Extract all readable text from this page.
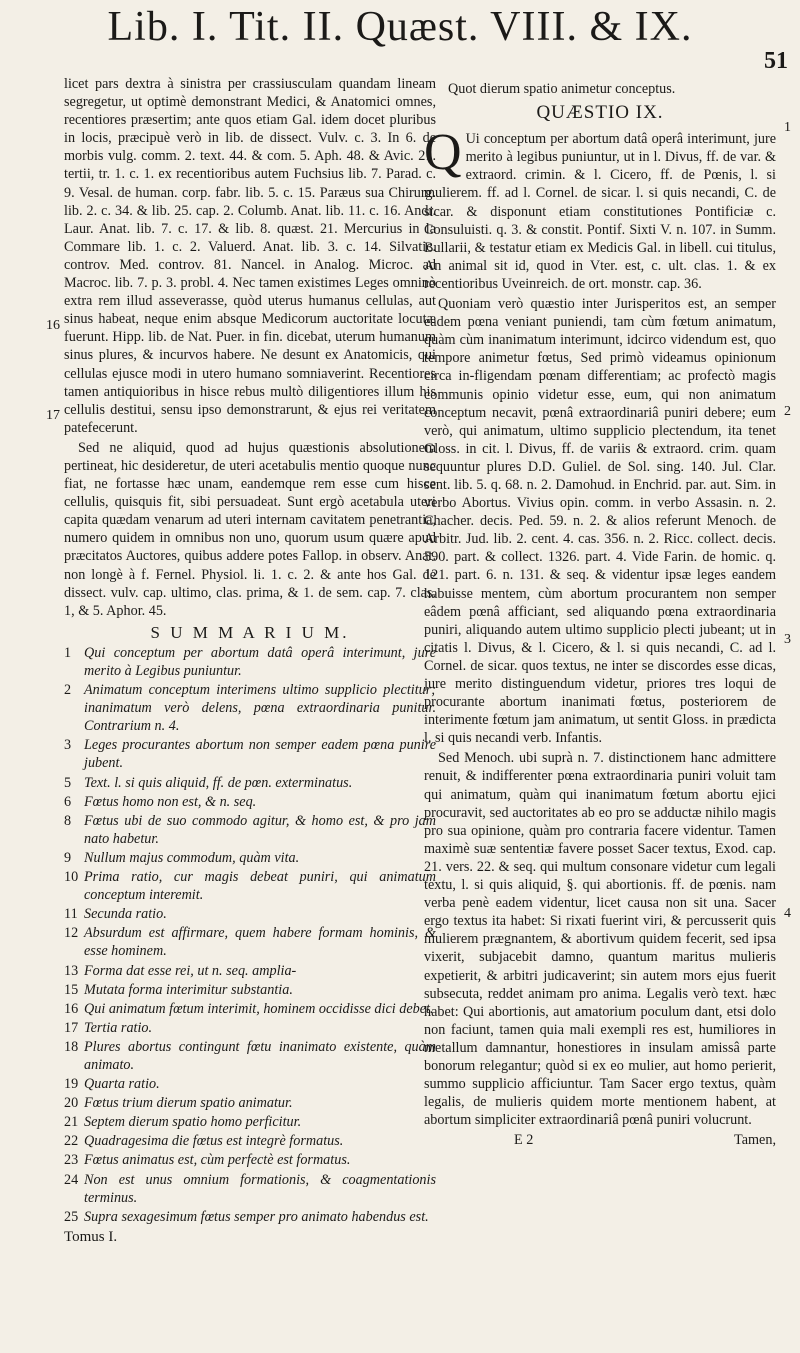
Lib. I. Tit. II. Quæst. VIII. & IX.
51

licet pars dextra à sinistra per crassiusculam quandam lineam segregetur, ut optimè demonstrant Medici, & Anatomici omnes, recentiores præsertim; ante quos etiam Gal. idem docet pluribus in locis, præcipuè verò in lib. de dissect. Vulv. c. 3. In 6. de morbis vulg. comm. 2. text. 44. & com. 5. Aph. 48. & Avic. 21. tertii, tr. 1. c. 1. ex recentioribus autem Fuchsius lib. 7. Parad. c. 9. Vesal. de human. corp. fabr. lib. 5. c. 15. Paræus sua Chirurg. lib. 2. c. 34. & lib. 25. cap. 2. Columb. Anat. lib. 11. c. 16. Andr. Laur. Anat. lib. 7. c. 17. & lib. 8. quæst. 21. Mercurius in la Commare lib. 1. c. 2. Valuerd. Anat. lib. 3. c. 14. Silvatic. controv. Med. controv. 81. Nancel. in Analog. Microc. ad Macroc. lib. 7. p. 3. probl. 4. Nec tamen existimes Leges omninò extra rem illud asseverasse, quòd uterus humanus cellulas, aut sinus habeat, neque enim absque Medicorum auctoritate locutæ fuerunt. Hipp. lib. de Nat. Puer. in fin. dicebat, uterum humanum sinus plures, & incurvos habere. Ne desunt ex Anatomicis, qui cellulas ejusce modi in utero humano somniaverint. Recentiores tamen antiquioribus in hisce rebus multò diligentiores illum his cellulis destitui, sensu ipso demonstrarunt, & ejus rei veritatem patefecerunt.

Sed ne aliquid, quod ad hujus quæstionis absolutionem pertineat, hic desideretur, de uteri acetabulis mentio quoque nunc fiat, ne fortasse hæc unam, eandemque rem esse cum hisce cellulis, quisquis fit, sibi persuadeat. Sunt ergò acetabula uteri capita quædam venarum ad uteri internam cavitatem penetrantia, numero quidem in omnibus non uno, quorum usum quære apud præcitatos Auctores, quibus addere potes Fallop. in observ. Anat. non longè à f. Fernel. Physiol. li. 1. c. 2. & ante hos Gal. de dissect. vulv. cap. ultimo, clas. prima, & 1. de sem. cap. 7. clas. 1, & 5. Aphor. 45.

S U M M A R I U M.
1 Qui conceptum per abortum datâ operâ interimunt, jure merito à Legibus puniuntur.
2 Animatum conceptum interimens ultimo supplicio plectitur; inanimatum verò delens, pœna extraordinaria punitur. Contrarium n. 4.
3 Leges procurantes abortum non semper eadem pœna punire jubent.
5 Text. l. si quis aliquid, ff. de pœn. exterminatus.
6 Fœtus homo non est, & n. seq.
8 Fœtus ubi de suo commodo agitur, & homo est, & pro jam nato habetur.
9 Nullum majus commodum, quàm vita.
10 Prima ratio, cur magis debeat puniri, qui animatum conceptum interemit.
11 Secunda ratio.
12 Absurdum est affirmare, quem habere formam hominis, & esse hominem.
13 Forma dat esse rei, ut n. seq. amplia-
15 Mutata forma interimitur substantia.
16 Qui animatum fœtum interimit, hominem occidisse dici debet.
17 Tertia ratio.
18 Plures abortus contingunt fœtu inanimato existente, quàm animato.
19 Quarta ratio.
20 Fœtus trium dierum spatio animatur.
21 Septem dierum spatio homo perficitur.
22 Quadragesima die fœtus est integrè formatus.
23 Fœtus animatus est, cùm perfectè est formatus.
24 Non est unus omnium formationis, & coagmentationis terminus.
25 Supra sexagesimum fœtus semper pro animato habendus est.
Tomus I.
16
17

Quot dierum spatio animetur conceptus.

QUÆSTIO IX.

Q Ui conceptum per abortum datâ operâ interimunt, jure merito à legibus puniuntur, ut in l. Divus, ff. de var. & extraord. crimin. & l. Cicero, ff. de Pœnis, l. si mulierem. ff. ad l. Cornel. de sicar. l. si quis necandi, C. de sicar. & disponunt etiam constitutiones Pontificiæ c. Consuluisti. q. 3. & constit. Pontif. Sixti V. n. 107. in Summ. Bullarii, & testatur etiam ex Medicis Gal. in libell. cui titulus, An animal sit id, quod in Vter. est, c. ult. clas. 1. & ex recentioribus Uveinreich. de ort. monstr. cap. 36.

Quoniam verò quæstio inter Jurisperitos est, an semper eadem pœna veniant puniendi, tam cùm fœtum animatum, quàm cùm inanimatum interimunt, idcirco videndum est, quo tempore animetur fœtus, Sed primò videamus opinionum circa in-fligendam pœnam differentiam; ac profectò magis communis opinio videtur esse, eum, qui non animatum conceptum necavit, pœnâ extraordinariâ puniri debere; eum verò, qui animatum, ultimo supplicio plectendum, ita tenet Gloss. in cit. l. Divus, ff. de variis & extraord. crim. quam sequuntur plures D.D. Guliel. de Sol. sing. 140. Jul. Clar. sent. lib. 5. q. 68. n. 2. Damohud. in Enchrid. par. aut. Sim. in verbo Abortus. Vivius opin. comm. in verbo Assasin. n. 2. Chacher. decis. Ped. 59. n. 2. & alios referunt Menoch. de Arbitr. Jud. lib. 2. cent. 4. cas. 356. n. 2. Ricc. collect. decis. 590. part. & collect. 1326. part. 4. Vide Farin. de homic. q. 121. part. 6. n. 131. & seq. & videntur ipsæ leges eandem habuisse mentem, cùm abortum procurantem non semper eâdem pœnâ afficiant, sed aliquando pœna extraordinaria puniri, aliquando autem ultimo supplicio plecti jubeant; ut in citatis l. Divus, & l. Cicero, & l. si quis necandi, C. ad l. Cornel. de sicar. quos textus, ne inter se discordes esse dicas, jure merito distinguendum videtur, priores tres loqui de procurante abortum inanimati fœtus, posteriorem de interimente fœtum jam animatum, ut sentit Gloss. in prædicta l. si quis necandi verb. Infantis.

Sed Menoch. ubi suprà n. 7. distinctionem hanc admittere renuit, & indifferenter pœna extraordinaria puniri voluit tam qui animatum, quàm qui inanimatum fœtum abortu ejici procuravit, sed auctoritates ab eo pro se adductæ nihilo magis pro sua opinione, quàm pro contraria facere videntur. Tamen maximè suæ sententiæ favere posset Sacer textus, Exod. cap. 21. vers. 22. & seq. qui multum consonare videtur cum legali textu, l. si quis aliquid, §. qui abortionis. ff. de pœnis. nam verba penè eadem videntur, licet causa non sit una. Sacer ergo textus ita habet: Si rixati fuerint viri, & percusserit quis mulierem prægnantem, & abortivum quidem fecerit, sed ipsa vixerit, subjacebit damno, quantum maritus mulieris expetierit, & arbitri judicaverint; sin autem mors ejus fuerit subsecuta, reddet animam pro anima. Legalis verò text. hæc habet: Qui abortionis, aut amatorium poculum dant, etsi dolo non faciunt, tamen quia mali exempli res est, humiliores in metallum damnantur, honestiores in insulam amissâ parte bonorum relegantur; quòd si ex eo mulier, aut homo perierit, summo supplicio afficiuntur. Tam Sacer ergo textus, quàm legalis, de mulieris quidem morte mentionem habent, at abortum simpliciter extraordinariâ pœnâ puniri volucrunt.

E 2	Tamen,
1
2
3
4
